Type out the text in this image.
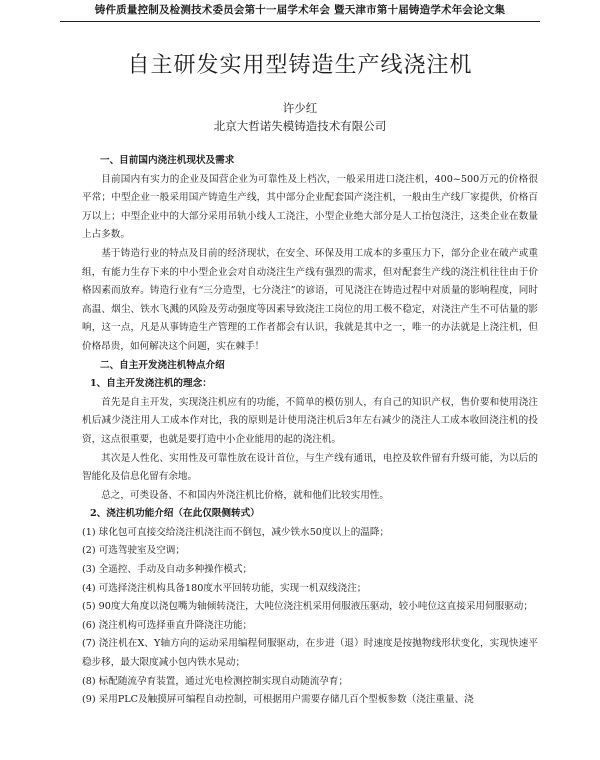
铸件质量控制及检测技术委员会第十一届学术年会 暨天津市第十届铸造学术年会论文集
自主研发实用型铸造生产线浇注机
许少红
北京大哲诺失模铸造技术有限公司

一、目前国内浇注机现状及需求

目前国内有实力的企业及国营企业为可靠性及上档次，一般采用进口浇注机，400~500万元的价格很平常；中型企业一般采用国产铸造生产线，其中部分企业配套国产浇注机，一般由生产线厂家提供，价格百万以上；中型企业中的大部分采用吊轨小线人工浇注，小型企业绝大部分是人工抬包浇注，这类企业在数量上占多数。

基于铸造行业的特点及目前的经济现状，在安全、环保及用工成本的多重压力下，部分企业在破产或重组，有能力生存下来的中小型企业会对自动浇注生产线有强烈的需求，但对配套生产线的浇注机往往由于价格因素而放弃。铸造行业有“三分造型，七分浇注”的谚语，可见浇注在铸造过程中对质量的影响程度，同时高温、烟尘、铁水飞溅的风险及劳动强度等因素导致浇注工岗位的用工极不稳定，对浇注产生不可估量的影响，这一点，凡是从事铸造生产管理的工作者都会有认识，我就是其中之一，唯一的办法就是上浇注机，但价格昂贵，如何解决这个问题，实在棘手！

二、自主开发浇注机特点介绍

1、自主开发浇注机的理念：

首先是自主开发，实现浇注机应有的功能，不简单的模仿别人，有自己的知识产权，售价要和使用浇注机后减少浇注用人工成本作对比，我的原则是计使用浇注机后3年左右减少的浇注人工成本收回浇注机的投资，这点很重要，也就是要打造中小企业能用的起的浇注机。

其次是人性化、实用性及可靠性放在设计首位，与生产线有通讯，电控及软件留有升级可能，为以后的智能化及信息化留有余地。

总之，可类设备、不和国内外浇注机比价格，就和他们比较实用性。

2、浇注机功能介绍（在此仅限侧转式）

(1) 球化包可直接交给浇注机浇注而不倒包，减少铁水50度以上的温降；

(2) 可选驾驶室及空调；

(3) 全遥控、手动及自动多种操作模式；

(4) 可选择浇注机构具备180度水平回转功能，实现一机双线浇注；

(5) 90度大角度以浇包嘴为轴倾转浇注，大吨位浇注机采用伺服液压驱动，较小吨位这直接采用伺服驱动；

(6) 浇注机构可选择垂直升降浇注功能；

(7) 浇注机在X、Y轴方向的运动采用编程伺服驱动，在步进（退）时速度是按抛物线形状变化，实现快速平稳步移，最大限度减小包内铁水晃动；

(8) 标配随流孕育装置，通过光电检测控制实现自动随流孕育；

(9) 采用PLC及触摸屏可编程自动控制，可根据用户需要存储几百个型板参数（浇注重量、浇
